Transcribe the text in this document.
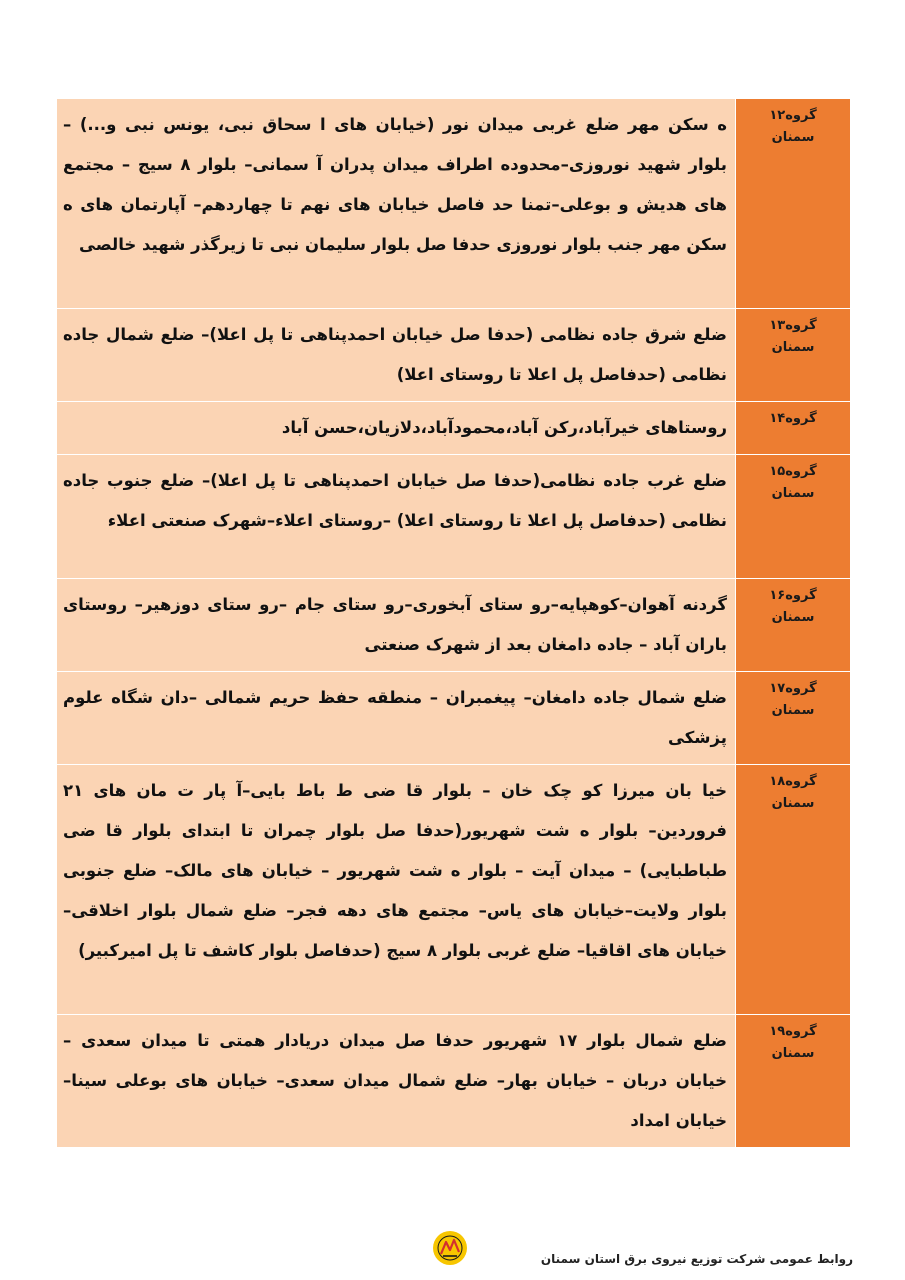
گروه۱۲
سمنان	ه سکن مهر ضلع غربی میدان نور (خیابان های ا سحاق نبی، یونس نبی و...) – بلوار شهید نوروزی–محدوده اطراف میدان پدران آ سمانی– بلوار ۸ سیج – مجتمع های هدیش و بوعلی–تمنا حد فاصل خیابان های نهم تا چهاردهم– آپارتمان های ه سکن مهر جنب بلوار نوروزی حدفا صل بلوار سلیمان نبی تا زیرگذر شهید خالصی

گروه۱۳
سمنان	ضلع شرق جاده نظامی (حدفا صل خیابان احمدپناهی تا پل اعلا)– ضلع شمال جاده نظامی (حدفاصل پل اعلا تا روستای اعلا)

گروه۱۴	روستاهای خیرآباد،رکن آباد،محمودآباد،دلازیان،حسن آباد

گروه۱۵
سمنان	ضلع غرب جاده نظامی(حدفا صل خیابان احمدپناهی تا پل اعلا)– ضلع جنوب جاده نظامی (حدفاصل پل اعلا تا روستای اعلا) –روستای اعلاء–شهرک صنعتی اعلاء

گروه۱۶
سمنان	گردنه آهوان–کوهپایه–رو ستای آبخوری–رو ستای جام –رو ستای دوزهیر– روستای باران آباد – جاده دامغان بعد از شهرک صنعتی

گروه۱۷
سمنان	ضلع شمال جاده دامغان– پیغمبران – منطقه حفظ حریم شمالی –دان شگاه علوم پزشکی

گروه۱۸
سمنان	خیا بان میرزا کو چک خان – بلوار قا ضی ط باط بایی–آ پار ت مان های ۲۱ فروردین– بلوار ه شت شهریور(حدفا صل بلوار چمران تا ابتدای بلوار قا ضی طباطبایی) – میدان آیت – بلوار ه شت شهریور – خیابان های مالک– ضلع جنوبی بلوار ولایت–خیابان های یاس– مجتمع های دهه فجر– ضلع شمال بلوار اخلاقی–خیابان های اقاقیا– ضلع غربی بلوار ۸ سیج (حدفاصل بلوار کاشف تا پل امیرکبیر)

گروه۱۹
سمنان	ضلع شمال بلوار ۱۷ شهریور حدفا صل میدان دریادار همتی تا میدان سعدی – خیابان دربان – خیابان بهار– ضلع شمال میدان سعدی– خیابان های بوعلی سینا– خیابان امداد
روابط عمومی شرکت توزیع نیروی برق استان سمنان
